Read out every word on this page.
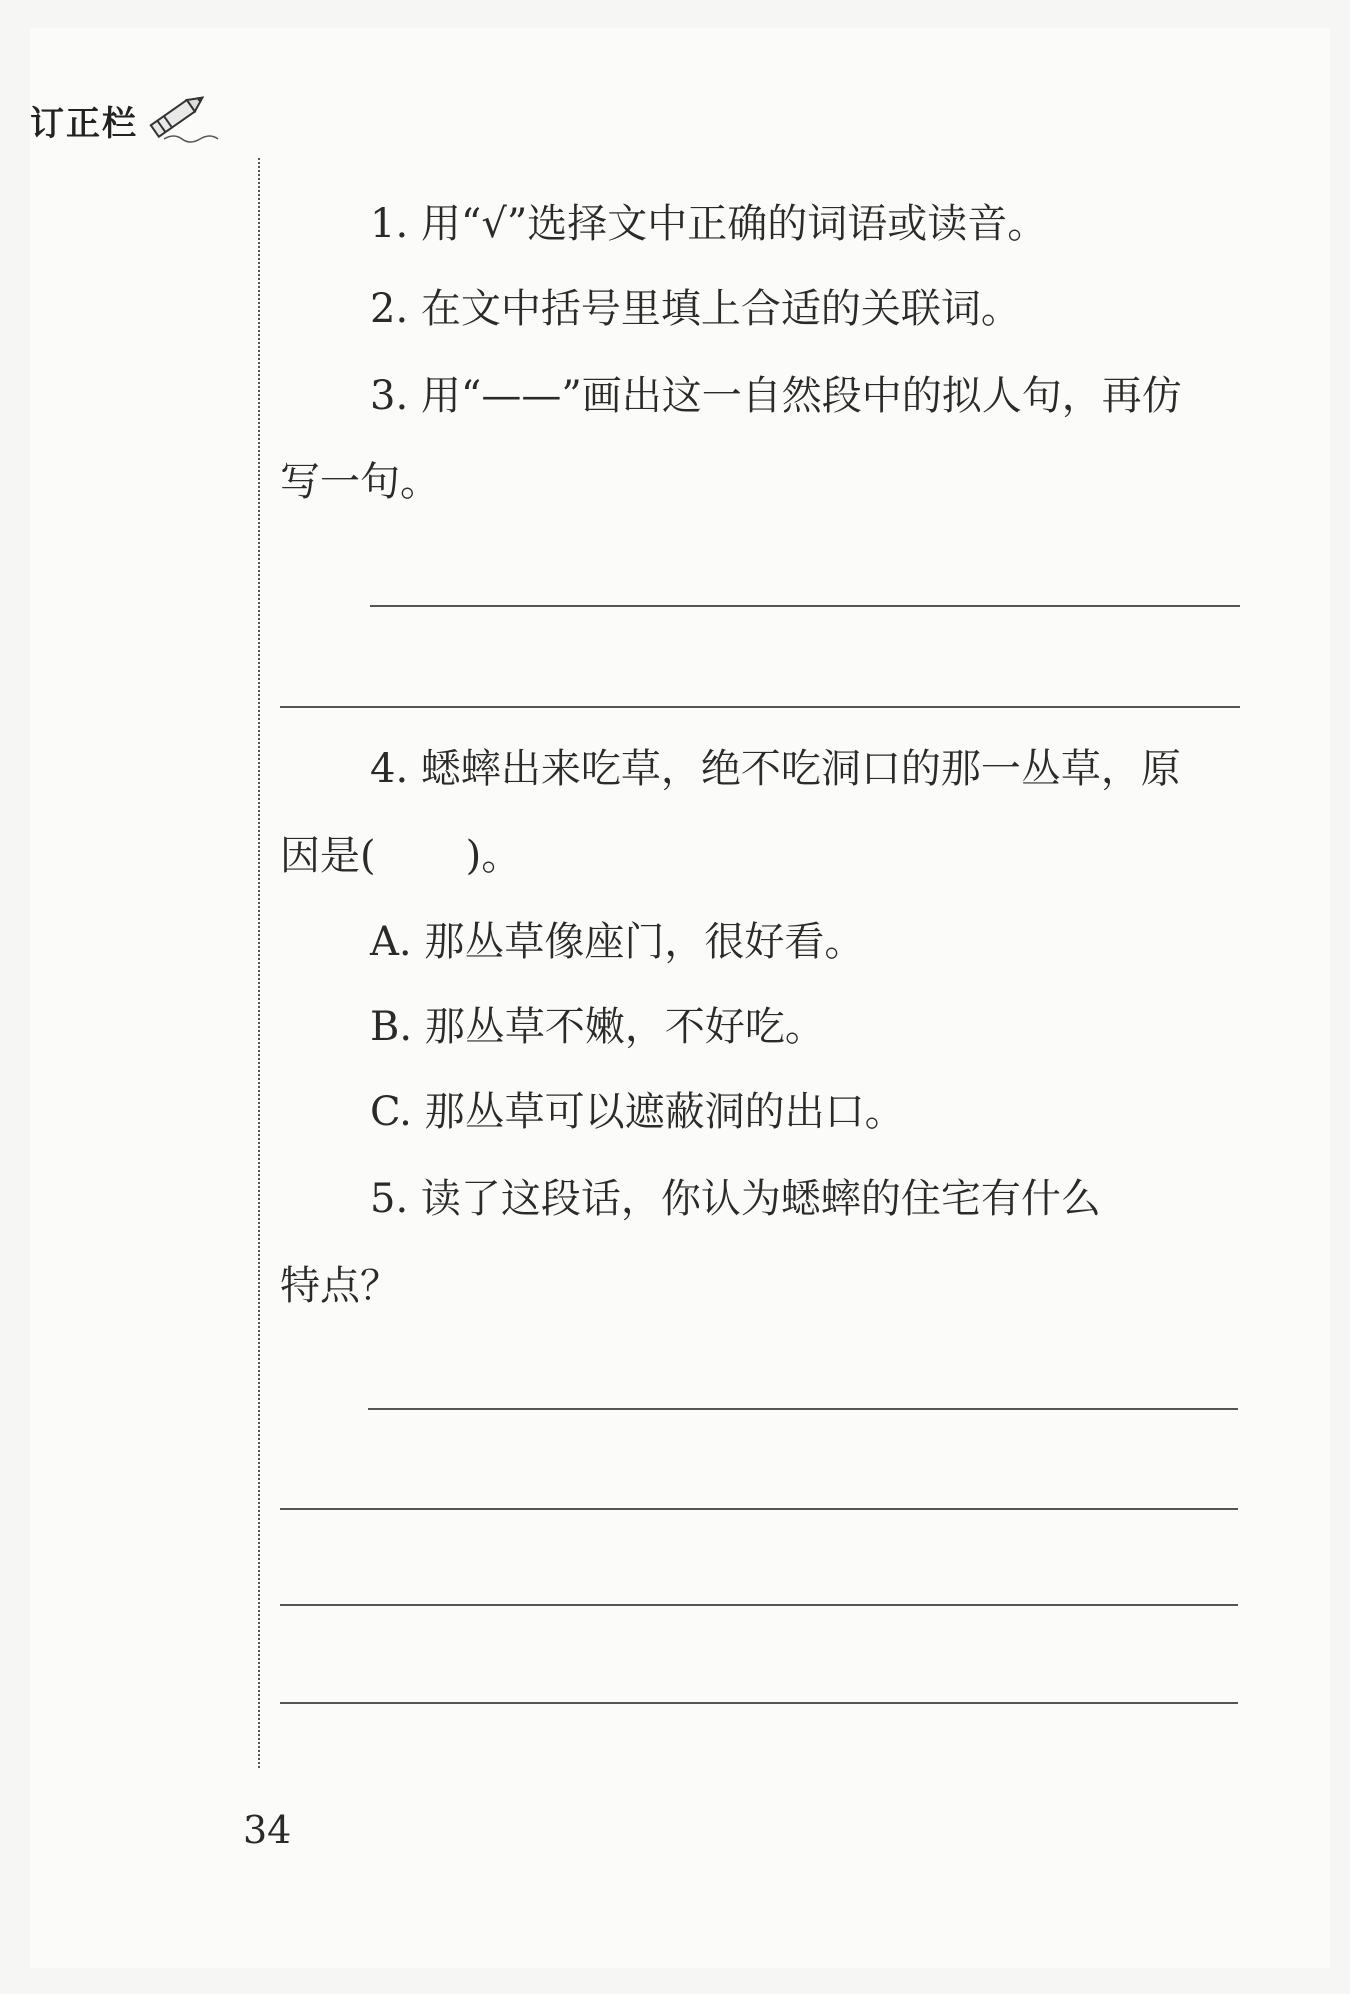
订正栏
1. 用“√”选择文中正确的词语或读音。
2. 在文中括号里填上合适的关联词。
3. 用“——”画出这一自然段中的拟人句，再仿
写一句。
4. 蟋蟀出来吃草，绝不吃洞口的那一丛草，原
因是( )。
A. 那丛草像座门，很好看。
B. 那丛草不嫩，不好吃。
C. 那丛草可以遮蔽洞的出口。
5. 读了这段话，你认为蟋蟀的住宅有什么
特点？
34
